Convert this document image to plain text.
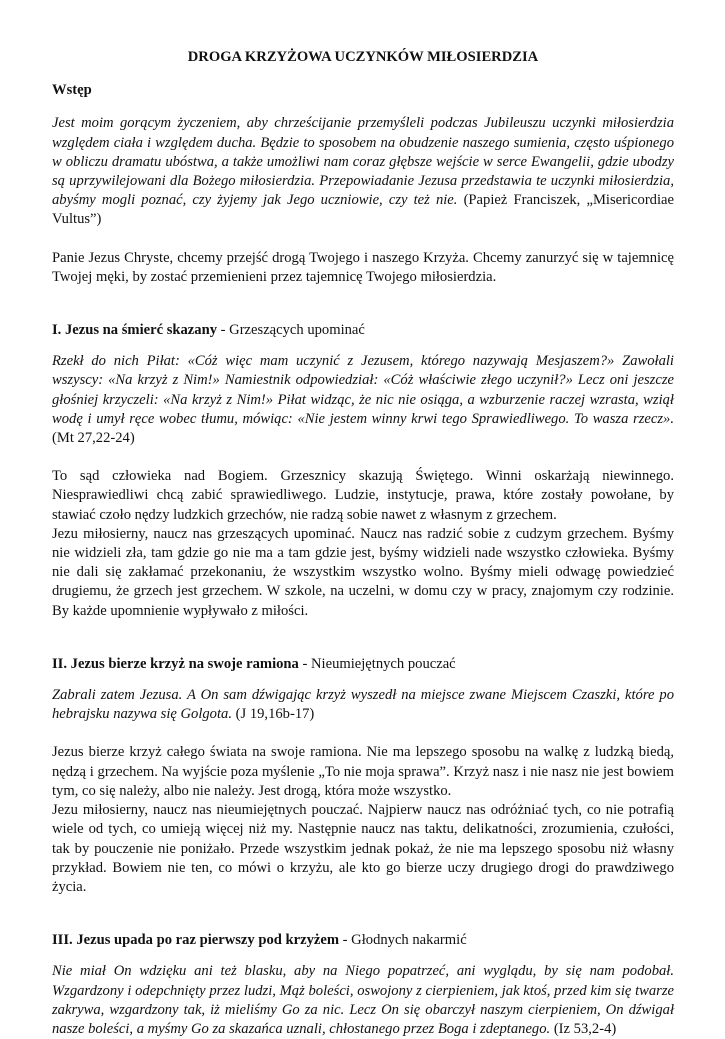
DROGA KRZYŻOWA UCZYNKÓW MIŁOSIERDZIA
Wstęp

Jest moim gorącym życzeniem, aby chrześcijanie przemyśleli podczas Jubileuszu uczynki miłosierdzia względem ciała i względem ducha. Będzie to sposobem na obudzenie naszego sumienia, często uśpionego w obliczu dramatu ubóstwa, a także umożliwi nam coraz głębsze wejście w serce Ewangelii, gdzie ubodzy są uprzywilejowani dla Bożego miłosierdzia. Przepowiadanie Jezusa przedstawia te uczynki miłosierdzia, abyśmy mogli poznać, czy żyjemy jak Jego uczniowie, czy też nie. (Papież Franciszek, „Misericordiae Vultus”)

Panie Jezus Chryste, chcemy przejść drogą Twojego i naszego Krzyża. Chcemy zanurzyć się w tajemnicę Twojej męki, by zostać przemienieni przez tajemnicę Twojego miłosierdzia.

I. Jezus na śmierć skazany - Grzeszących upominać

Rzekł do nich Piłat: «Cóż więc mam uczynić z Jezusem, którego nazywają Mesjaszem?» Zawołali wszyscy: «Na krzyż z Nim!» Namiestnik odpowiedział: «Cóż właściwie złego uczynił?» Lecz oni jeszcze głośniej krzyczeli: «Na krzyż z Nim!» Piłat widząc, że nic nie osiąga, a wzburzenie raczej wzrasta, wziął wodę i umył ręce wobec tłumu, mówiąc: «Nie jestem winny krwi tego Sprawiedliwego. To wasza rzecz». (Mt 27,22-24)

To sąd człowieka nad Bogiem. Grzesznicy skazują Świętego. Winni oskarżają niewinnego. Niesprawiedliwi chcą zabić sprawiedliwego. Ludzie, instytucje, prawa, które zostały powołane, by stawiać czoło nędzy ludzkich grzechów, nie radzą sobie nawet z własnym z grzechem.

Jezu miłosierny, naucz nas grzeszących upominać. Naucz nas radzić sobie z cudzym grzechem. Byśmy nie widzieli zła, tam gdzie go nie ma a tam gdzie jest, byśmy widzieli nade wszystko człowieka. Byśmy nie dali się zakłamać przekonaniu, że wszystkim wszystko wolno. Byśmy mieli odwagę powiedzieć drugiemu, że grzech jest grzechem. W szkole, na uczelni, w domu czy w pracy, znajomym czy rodzinie. By każde upomnienie wypływało z miłości.

II. Jezus bierze krzyż na swoje ramiona - Nieumiejętnych pouczać

Zabrali zatem Jezusa. A On sam dźwigając krzyż wyszedł na miejsce zwane Miejscem Czaszki, które po hebrajsku nazywa się Golgota. (J 19,16b-17)

Jezus bierze krzyż całego świata na swoje ramiona. Nie ma lepszego sposobu na walkę z ludzką biedą, nędzą i grzechem. Na wyjście poza myślenie „To nie moja sprawa”. Krzyż nasz i nie nasz nie jest bowiem tym, co się należy, albo nie należy. Jest drogą, która może wszystko.

Jezu miłosierny, naucz nas nieumiejętnych pouczać. Najpierw naucz nas odróżniać tych, co nie potrafią wiele od tych, co umieją więcej niż my. Następnie naucz nas taktu, delikatności, zrozumienia, czułości, tak by pouczenie nie poniżało. Przede wszystkim jednak pokaż, że nie ma lepszego sposobu niż własny przykład. Bowiem nie ten, co mówi o krzyżu, ale kto go bierze uczy drugiego drogi do prawdziwego życia.

III. Jezus upada po raz pierwszy pod krzyżem - Głodnych nakarmić

Nie miał On wdzięku ani też blasku, aby na Niego popatrzeć, ani wyglądu, by się nam podobał. Wzgardzony i odepchnięty przez ludzi, Mąż boleści, oswojony z cierpieniem, jak ktoś, przed kim się twarze zakrywa, wzgardzony tak, iż mieliśmy Go za nic. Lecz On się obarczył naszym cierpieniem, On dźwigał nasze boleści, a myśmy Go za skazańca uznali, chłostanego przez Boga i zdeptanego. (Iz 53,2-4)
